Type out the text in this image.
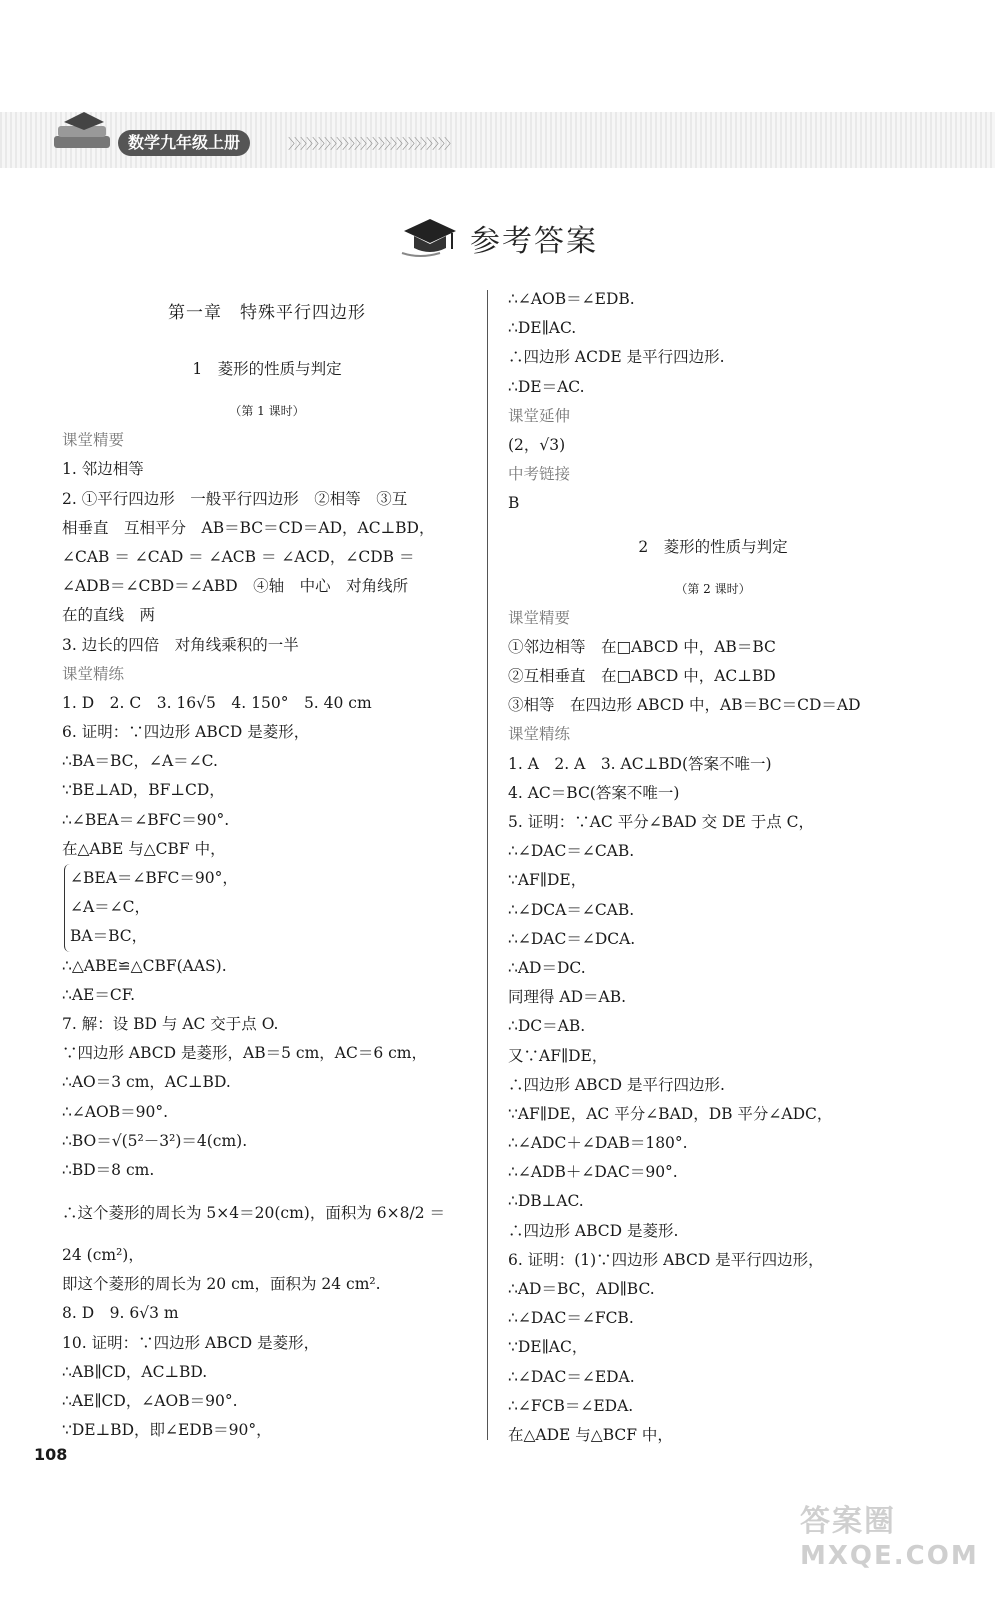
数学九年级上册	〉〉〉〉〉〉〉〉〉〉〉〉〉〉〉〉〉〉〉〉〉〉〉〉〉〉〉
参考答案
第一章　特殊平行四边形
1　菱形的性质与判定
（第 1 课时）
课堂精要
1. 邻边相等
2. ①平行四边形　一般平行四边形　②相等　③互
相垂直　互相平分　AB＝BC＝CD＝AD，AC⊥BD，
∠CAB ＝ ∠CAD ＝ ∠ACB ＝ ∠ACD，∠CDB ＝
∠ADB＝∠CBD＝∠ABD　④轴　中心　对角线所
在的直线　两
3. 边长的四倍　对角线乘积的一半
课堂精练
1. D　2. C　3. 16√5　4. 150°　5. 40 cm
6. 证明：∵四边形 ABCD 是菱形，
∴BA＝BC，∠A＝∠C.
∵BE⊥AD，BF⊥CD，
∴∠BEA＝∠BFC＝90°.
在△ABE 与△CBF 中，
∠BEA＝∠BFC＝90°，
∠A＝∠C，
BA＝BC，
∴△ABE≌△CBF(AAS).
∴AE＝CF.
7. 解：设 BD 与 AC 交于点 O.
∵四边形 ABCD 是菱形，AB＝5 cm，AC＝6 cm，
∴AO＝3 cm，AC⊥BD.
∴∠AOB＝90°.
∴BO＝√(5²－3²)＝4(cm).
∴BD＝8 cm.
∴这个菱形的周长为 5×4＝20(cm)，面积为 6×8/2 ＝
24 (cm²)，
即这个菱形的周长为 20 cm，面积为 24 cm².
8. D　9. 6√3 m
10. 证明：∵四边形 ABCD 是菱形，
∴AB∥CD，AC⊥BD.
∴AE∥CD，∠AOB＝90°.
∵DE⊥BD，即∠EDB＝90°，
∴∠AOB＝∠EDB.
∴DE∥AC.
∴四边形 ACDE 是平行四边形.
∴DE＝AC.
课堂延伸
(2，√3)
中考链接
B
2　菱形的性质与判定
（第 2 课时）
课堂精要
①邻边相等　在□ABCD 中，AB＝BC
②互相垂直　在□ABCD 中，AC⊥BD
③相等　在四边形 ABCD 中，AB＝BC＝CD＝AD
课堂精练
1. A　2. A　3. AC⊥BD(答案不唯一)
4. AC＝BC(答案不唯一)
5. 证明：∵AC 平分∠BAD 交 DE 于点 C，
∴∠DAC＝∠CAB.
∵AF∥DE，
∴∠DCA＝∠CAB.
∴∠DAC＝∠DCA.
∴AD＝DC.
同理得 AD＝AB.
∴DC＝AB.
又∵AF∥DE，
∴四边形 ABCD 是平行四边形.
∵AF∥DE，AC 平分∠BAD，DB 平分∠ADC，
∴∠ADC＋∠DAB＝180°.
∴∠ADB＋∠DAC＝90°.
∴DB⊥AC.
∴四边形 ABCD 是菱形.
6. 证明：(1)∵四边形 ABCD 是平行四边形，
∴AD＝BC，AD∥BC.
∴∠DAC＝∠FCB.
∵DE∥AC，
∴∠DAC＝∠EDA.
∴∠FCB＝∠EDA.
在△ADE 与△BCF 中，
108
答案圈
MXQE.COM
